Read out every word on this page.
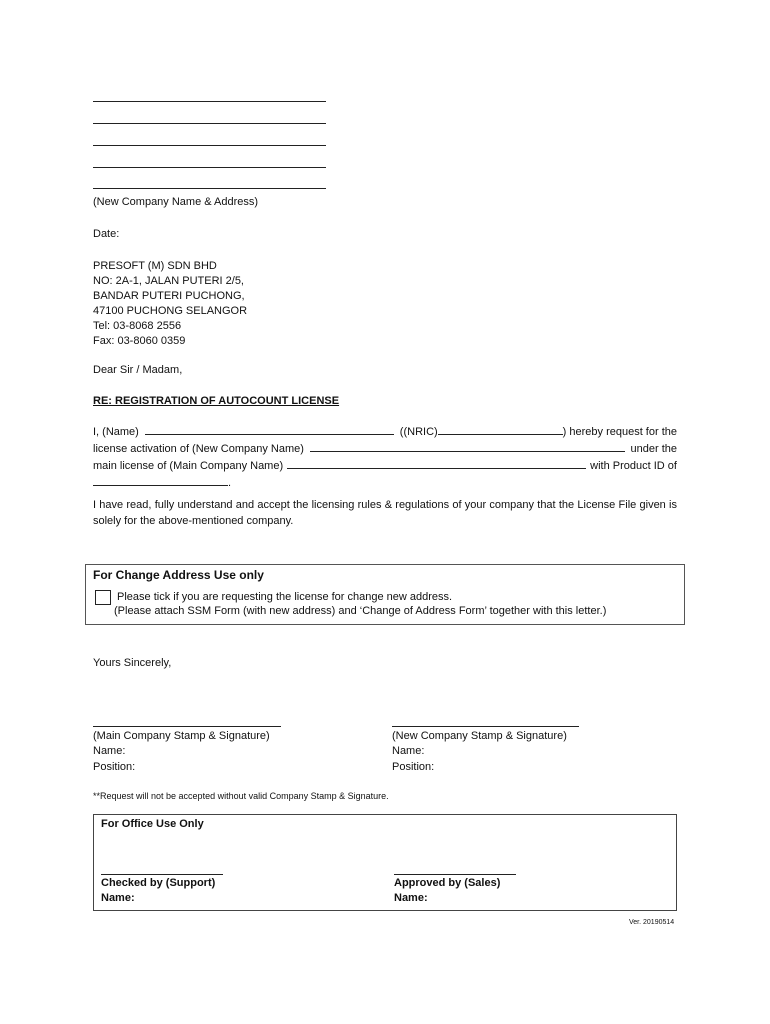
(New Company Name & Address)
Date:
PRESOFT (M) SDN BHD
NO: 2A-1, JALAN PUTERI 2/5,
BANDAR PUTERI PUCHONG,
47100 PUCHONG SELANGOR
Tel: 03-8068 2556
Fax: 03-8060 0359
Dear Sir / Madam,
RE: REGISTRATION OF AUTOCOUNT LICENSE
I, (Name)	((NRIC)	) hereby request for the
license activation of (New Company Name)	under the
main license of (Main Company Name)	with Product ID of
.
I have read, fully understand and accept the licensing rules & regulations of your company that the License File given is solely for the above-mentioned company.
For Change Address Use only
Please tick if you are requesting the license for change new address.
(Please attach SSM Form (with new address) and ‘Change of Address Form’ together with this letter.)
Yours Sincerely,
(Main Company Stamp & Signature)
Name:
Position:
(New Company Stamp & Signature)
Name:
Position:
**Request will not be accepted without valid Company Stamp & Signature.
For Office Use Only
Checked by (Support)
Name:
Approved by (Sales)
Name:
Ver. 20190514
